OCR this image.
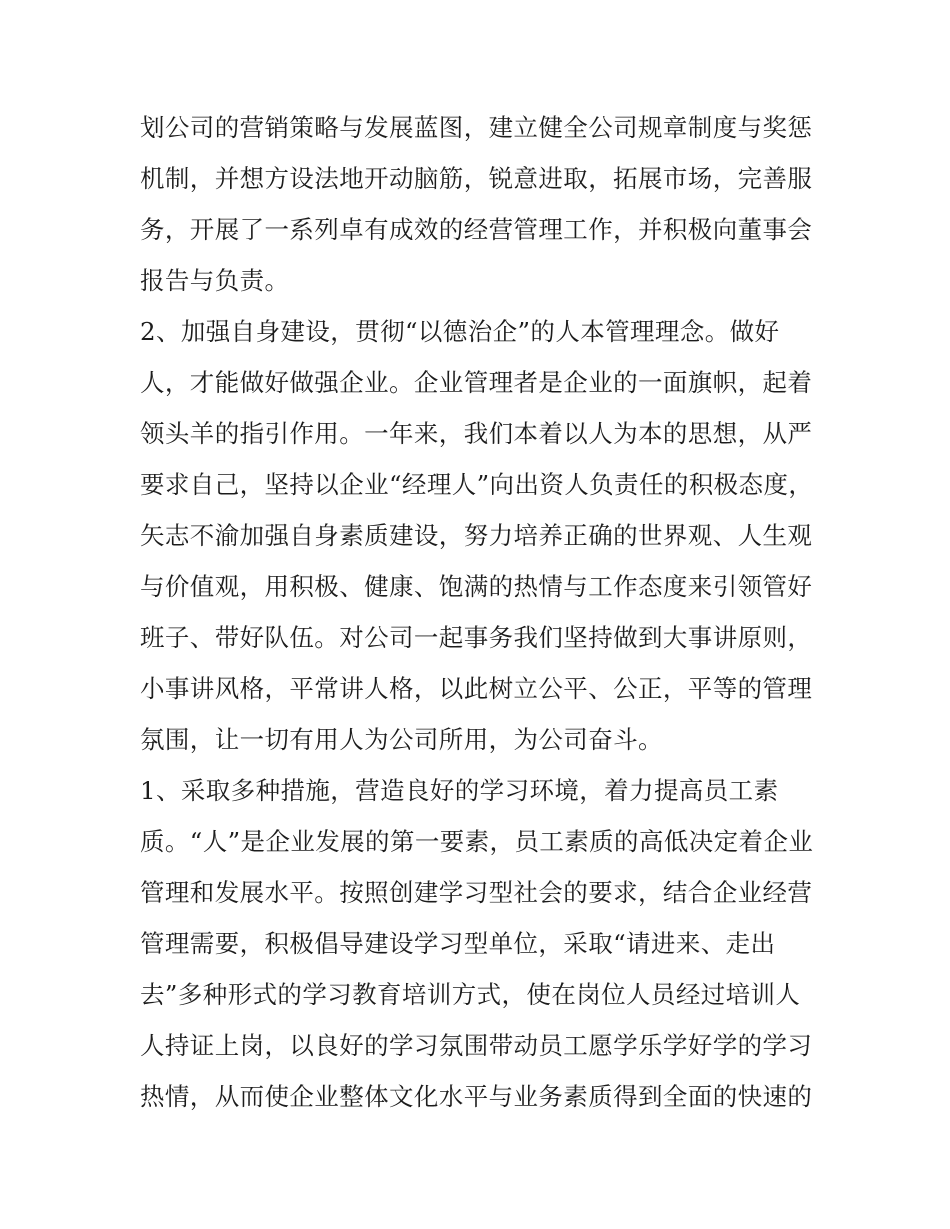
划公司的营销策略与发展蓝图，建立健全公司规章制度与奖惩
机制，并想方设法地开动脑筋，锐意进取，拓展市场，完善服
务，开展了一系列卓有成效的经营管理工作，并积极向董事会
报告与负责。
2、加强自身建设，贯彻“以德治企”的人本管理理念。做好
人，才能做好做强企业。企业管理者是企业的一面旗帜，起着
领头羊的指引作用。一年来，我们本着以人为本的思想，从严
要求自己，坚持以企业“经理人”向出资人负责任的积极态度，
矢志不渝加强自身素质建设，努力培养正确的世界观、人生观
与价值观，用积极、健康、饱满的热情与工作态度来引领管好
班子、带好队伍。对公司一起事务我们坚持做到大事讲原则，
小事讲风格，平常讲人格，以此树立公平、公正，平等的管理
氛围，让一切有用人为公司所用，为公司奋斗。
1、采取多种措施，营造良好的学习环境，着力提高员工素
质。“人”是企业发展的第一要素，员工素质的高低决定着企业
管理和发展水平。按照创建学习型社会的要求，结合企业经营
管理需要，积极倡导建设学习型单位，采取“请进来、走出
去”多种形式的学习教育培训方式，使在岗位人员经过培训人
人持证上岗，以良好的学习氛围带动员工愿学乐学好学的学习
热情，从而使企业整体文化水平与业务素质得到全面的快速的
